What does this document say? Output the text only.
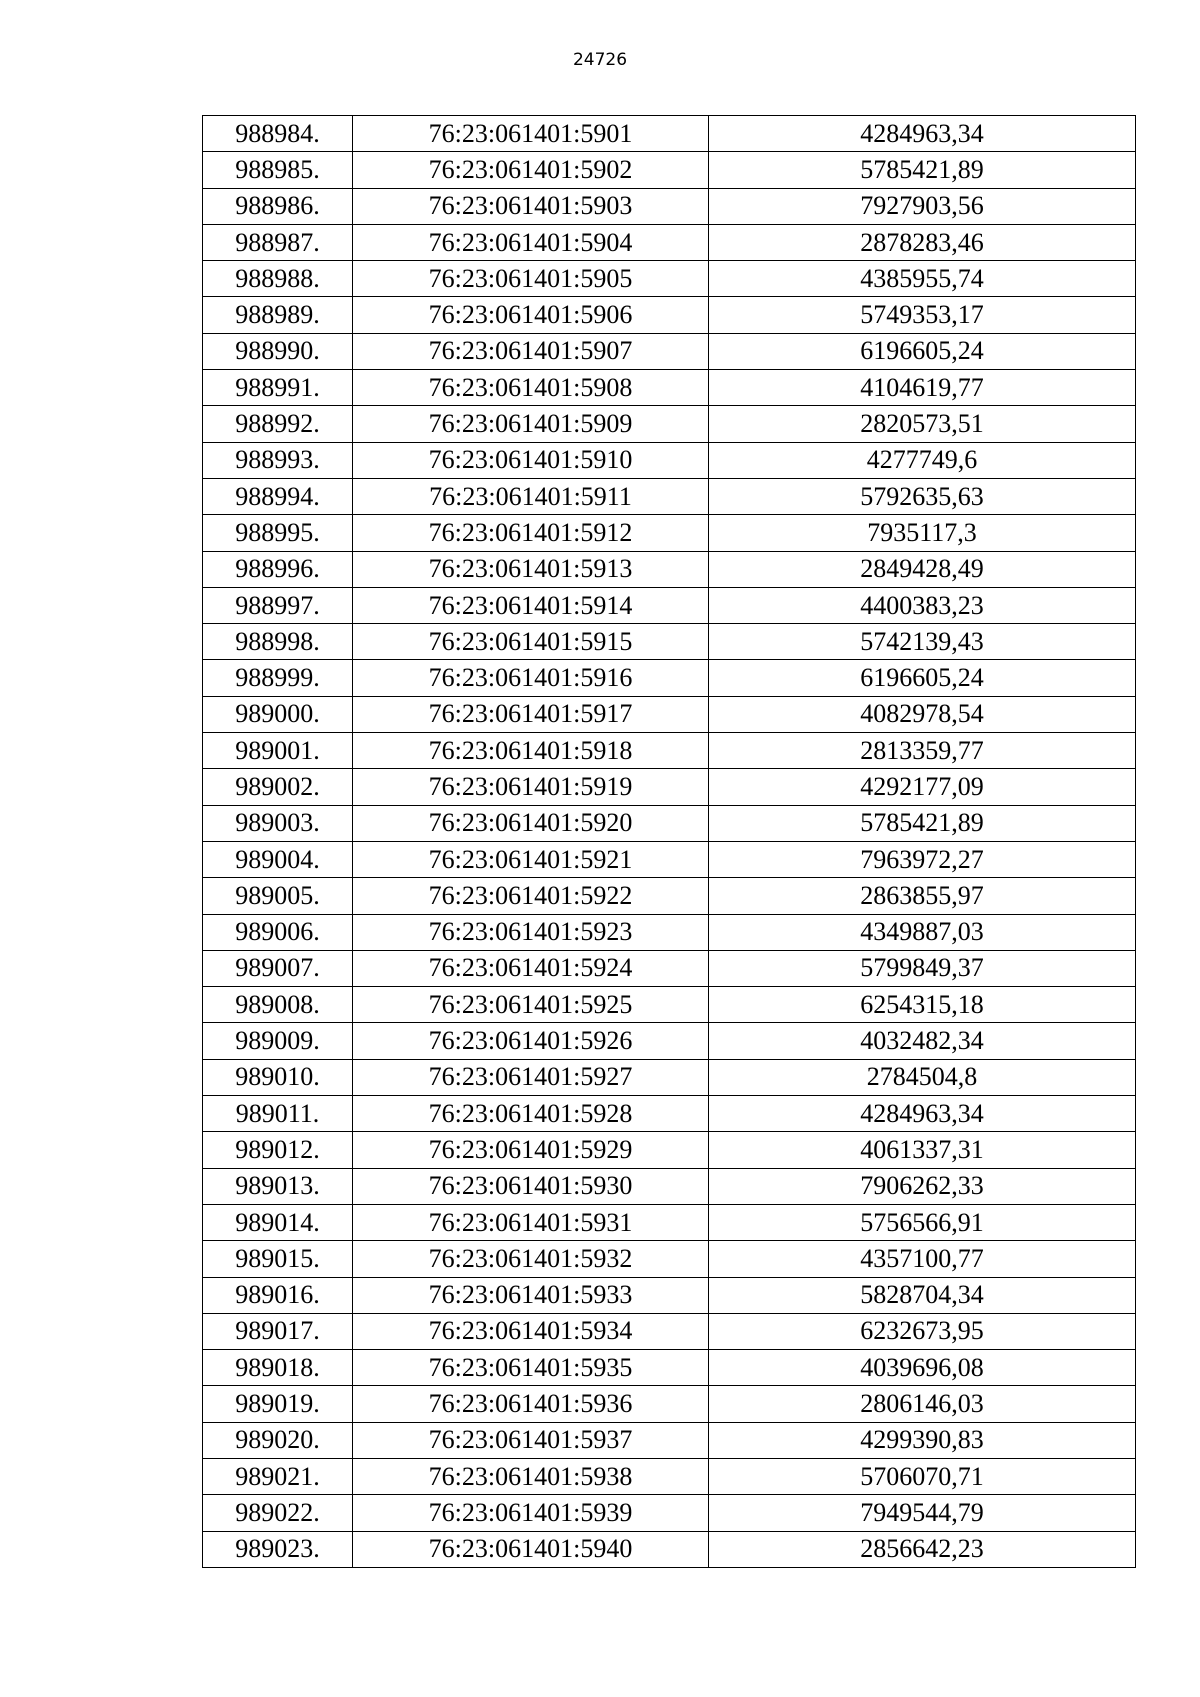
24726
988984.	76:23:061401:5901	4284963,34
988985.	76:23:061401:5902	5785421,89
988986.	76:23:061401:5903	7927903,56
988987.	76:23:061401:5904	2878283,46
988988.	76:23:061401:5905	4385955,74
988989.	76:23:061401:5906	5749353,17
988990.	76:23:061401:5907	6196605,24
988991.	76:23:061401:5908	4104619,77
988992.	76:23:061401:5909	2820573,51
988993.	76:23:061401:5910	4277749,6
988994.	76:23:061401:5911	5792635,63
988995.	76:23:061401:5912	7935117,3
988996.	76:23:061401:5913	2849428,49
988997.	76:23:061401:5914	4400383,23
988998.	76:23:061401:5915	5742139,43
988999.	76:23:061401:5916	6196605,24
989000.	76:23:061401:5917	4082978,54
989001.	76:23:061401:5918	2813359,77
989002.	76:23:061401:5919	4292177,09
989003.	76:23:061401:5920	5785421,89
989004.	76:23:061401:5921	7963972,27
989005.	76:23:061401:5922	2863855,97
989006.	76:23:061401:5923	4349887,03
989007.	76:23:061401:5924	5799849,37
989008.	76:23:061401:5925	6254315,18
989009.	76:23:061401:5926	4032482,34
989010.	76:23:061401:5927	2784504,8
989011.	76:23:061401:5928	4284963,34
989012.	76:23:061401:5929	4061337,31
989013.	76:23:061401:5930	7906262,33
989014.	76:23:061401:5931	5756566,91
989015.	76:23:061401:5932	4357100,77
989016.	76:23:061401:5933	5828704,34
989017.	76:23:061401:5934	6232673,95
989018.	76:23:061401:5935	4039696,08
989019.	76:23:061401:5936	2806146,03
989020.	76:23:061401:5937	4299390,83
989021.	76:23:061401:5938	5706070,71
989022.	76:23:061401:5939	7949544,79
989023.	76:23:061401:5940	2856642,23
